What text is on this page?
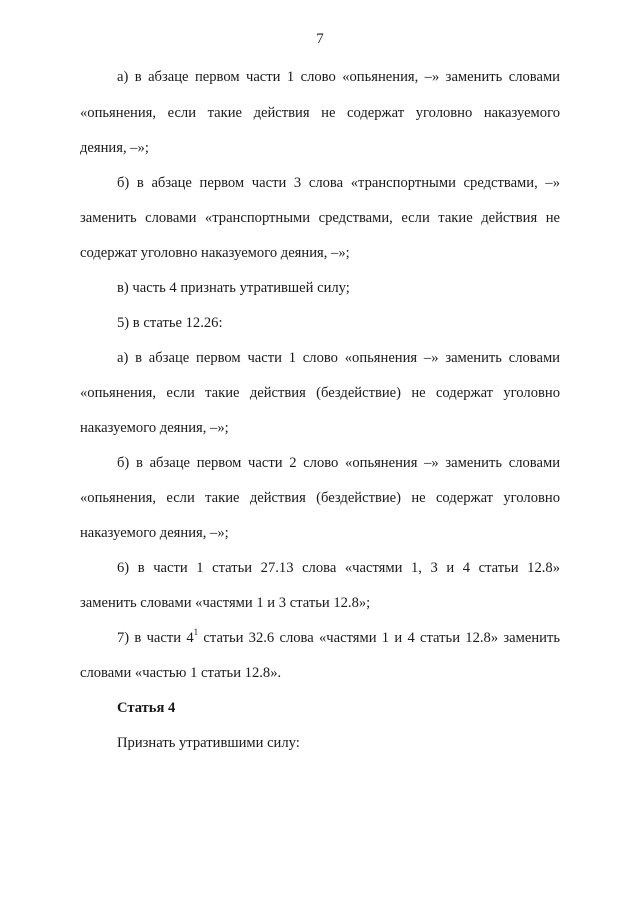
7
а) в абзаце первом части 1 слово «опьянения, –» заменить словами
«опьянения, если такие действия не содержат уголовно наказуемого
деяния, –»;
б) в абзаце первом части 3 слова «транспортными средствами, –»
заменить словами «транспортными средствами, если такие действия не
содержат уголовно наказуемого деяния, –»;
в) часть 4 признать утратившей силу;
5) в статье 12.26:
а) в абзаце первом части 1 слово «опьянения –» заменить словами
«опьянения, если такие действия (бездействие) не содержат уголовно
наказуемого деяния, –»;
б) в абзаце первом части 2 слово «опьянения –» заменить словами
«опьянения, если такие действия (бездействие) не содержат уголовно
наказуемого деяния, –»;
6) в части 1 статьи 27.13 слова «частями 1, 3 и 4 статьи 12.8»
заменить словами «частями 1 и 3 статьи 12.8»;
7) в части $4^1$ статьи 32.6 слова «частями 1 и 4 статьи 12.8» заменить
словами «частью 1 статьи 12.8».
Статья 4
Признать утратившими силу:
